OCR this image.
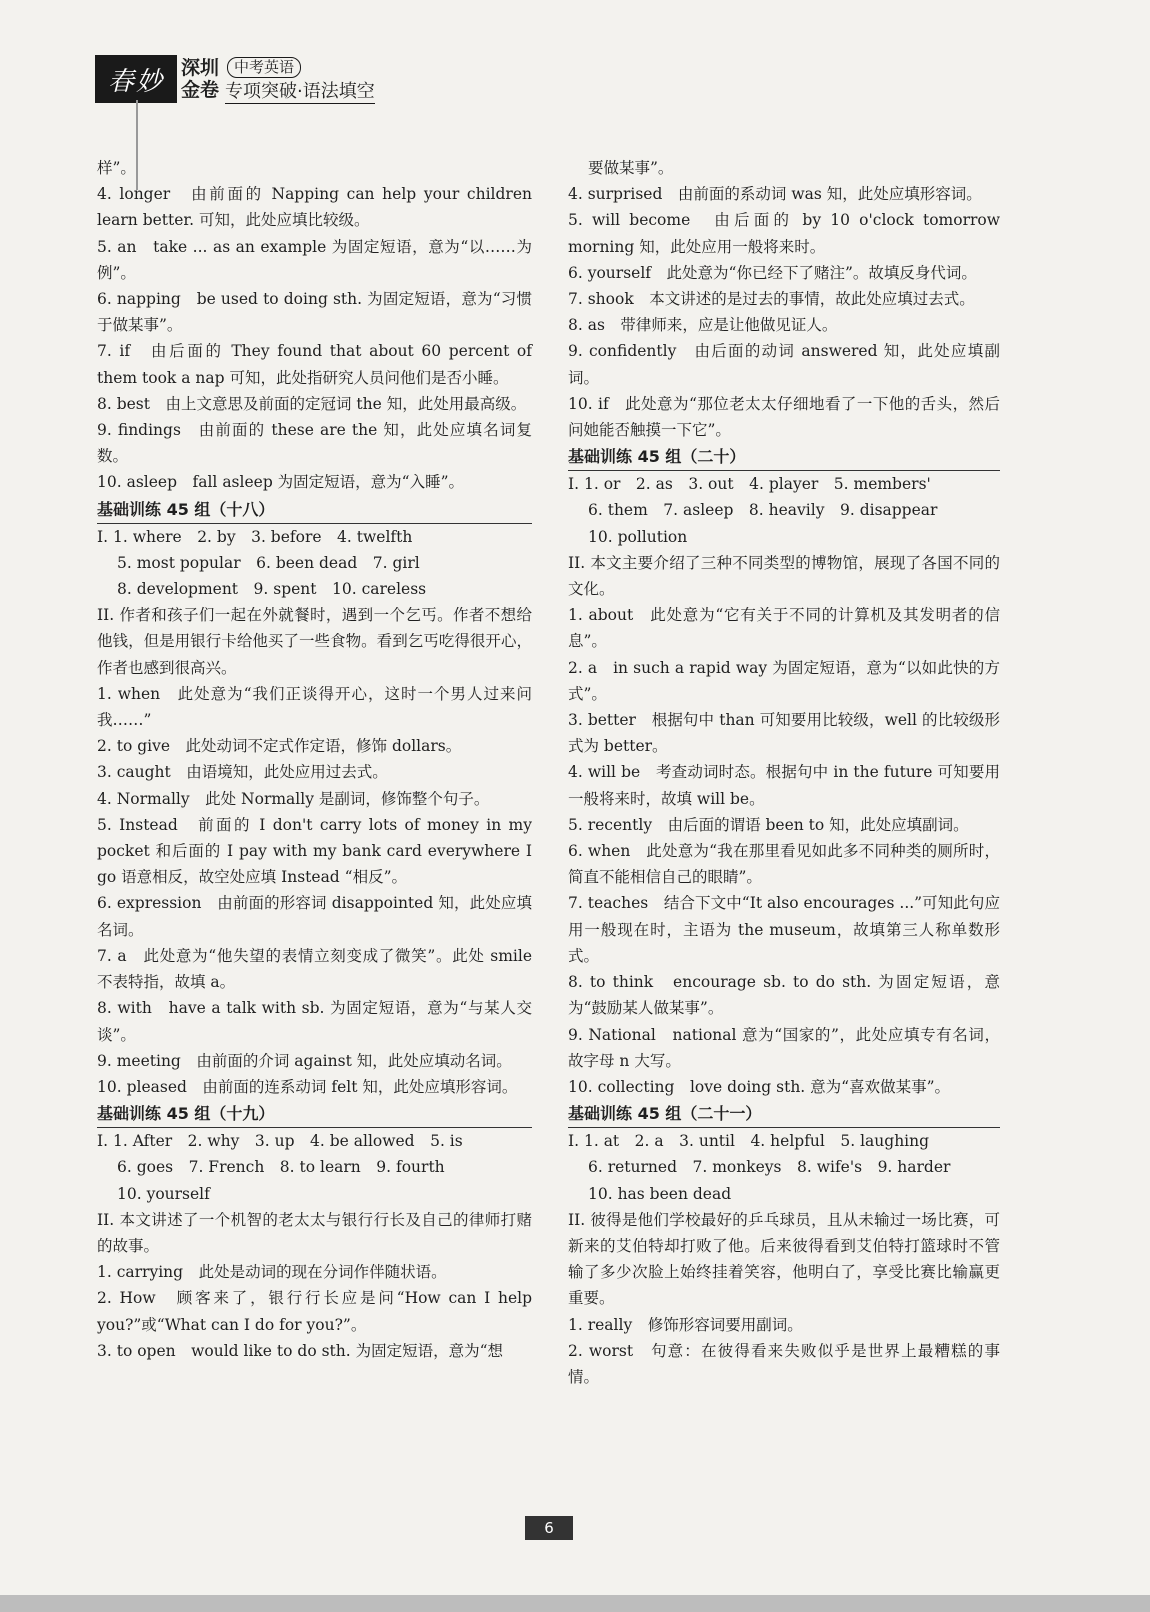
春妙 深圳
金卷
中考英语
专项突破·语法填空
样”。
4. longer　由前面的 Napping can help your children learn better. 可知，此处应填比较级。
5. an　take ... as an example 为固定短语，意为“以……为例”。
6. napping　be used to doing sth. 为固定短语，意为“习惯于做某事”。
7. if　由后面的 They found that about 60 percent of them took a nap 可知，此处指研究人员问他们是否小睡。
8. best　由上文意思及前面的定冠词 the 知，此处用最高级。
9. findings　由前面的 these are the 知，此处应填名词复数。
10. asleep　fall asleep 为固定短语，意为“入睡”。
基础训练 45 组（十八）
I. 1. where　2. by　3. before　4. twelfth
5. most popular　6. been dead　7. girl
8. development　9. spent　10. careless
II. 作者和孩子们一起在外就餐时，遇到一个乞丐。作者不想给他钱，但是用银行卡给他买了一些食物。看到乞丐吃得很开心，作者也感到很高兴。
1. when　此处意为“我们正谈得开心，这时一个男人过来问我……”
2. to give　此处动词不定式作定语，修饰 dollars。
3. caught　由语境知，此处应用过去式。
4. Normally　此处 Normally 是副词，修饰整个句子。
5. Instead　前面的 I don't carry lots of money in my pocket 和后面的 I pay with my bank card everywhere I go 语意相反，故空处应填 Instead “相反”。
6. expression　由前面的形容词 disappointed 知，此处应填名词。
7. a　此处意为“他失望的表情立刻变成了微笑”。此处 smile 不表特指，故填 a。
8. with　have a talk with sb. 为固定短语，意为“与某人交谈”。
9. meeting　由前面的介词 against 知，此处应填动名词。
10. pleased　由前面的连系动词 felt 知，此处应填形容词。
基础训练 45 组（十九）
I. 1. After　2. why　3. up　4. be allowed　5. is
6. goes　7. French　8. to learn　9. fourth
10. yourself
II. 本文讲述了一个机智的老太太与银行行长及自己的律师打赌的故事。
1. carrying　此处是动词的现在分词作伴随状语。
2. How　顾客来了，银行行长应是问“How can I help you?”或“What can I do for you?”。
3. to open　would like to do sth. 为固定短语，意为“想
要做某事”。
4. surprised　由前面的系动词 was 知，此处应填形容词。
5. will become　由后面的 by 10 o'clock tomorrow morning 知，此处应用一般将来时。
6. yourself　此处意为“你已经下了赌注”。故填反身代词。
7. shook　本文讲述的是过去的事情，故此处应填过去式。
8. as　带律师来，应是让他做见证人。
9. confidently　由后面的动词 answered 知，此处应填副词。
10. if　此处意为“那位老太太仔细地看了一下他的舌头，然后问她能否触摸一下它”。
基础训练 45 组（二十）
I. 1. or　2. as　3. out　4. player　5. members'
6. them　7. asleep　8. heavily　9. disappear
10. pollution
II. 本文主要介绍了三种不同类型的博物馆，展现了各国不同的文化。
1. about　此处意为“它有关于不同的计算机及其发明者的信息”。
2. a　in such a rapid way 为固定短语，意为“以如此快的方式”。
3. better　根据句中 than 可知要用比较级，well 的比较级形式为 better。
4. will be　考查动词时态。根据句中 in the future 可知要用一般将来时，故填 will be。
5. recently　由后面的谓语 been to 知，此处应填副词。
6. when　此处意为“我在那里看见如此多不同种类的厕所时，简直不能相信自己的眼睛”。
7. teaches　结合下文中“It also encourages ...”可知此句应用一般现在时，主语为 the museum，故填第三人称单数形式。
8. to think　encourage sb. to do sth. 为固定短语，意为“鼓励某人做某事”。
9. National　national 意为“国家的”，此处应填专有名词，故字母 n 大写。
10. collecting　love doing sth. 意为“喜欢做某事”。
基础训练 45 组（二十一）
I. 1. at　2. a　3. until　4. helpful　5. laughing
6. returned　7. monkeys　8. wife's　9. harder
10. has been dead
II. 彼得是他们学校最好的乒乓球员，且从未输过一场比赛，可新来的艾伯特却打败了他。后来彼得看到艾伯特打篮球时不管输了多少次脸上始终挂着笑容，他明白了，享受比赛比输赢更重要。
1. really　修饰形容词要用副词。
2. worst　句意：在彼得看来失败似乎是世界上最糟糕的事情。
6
